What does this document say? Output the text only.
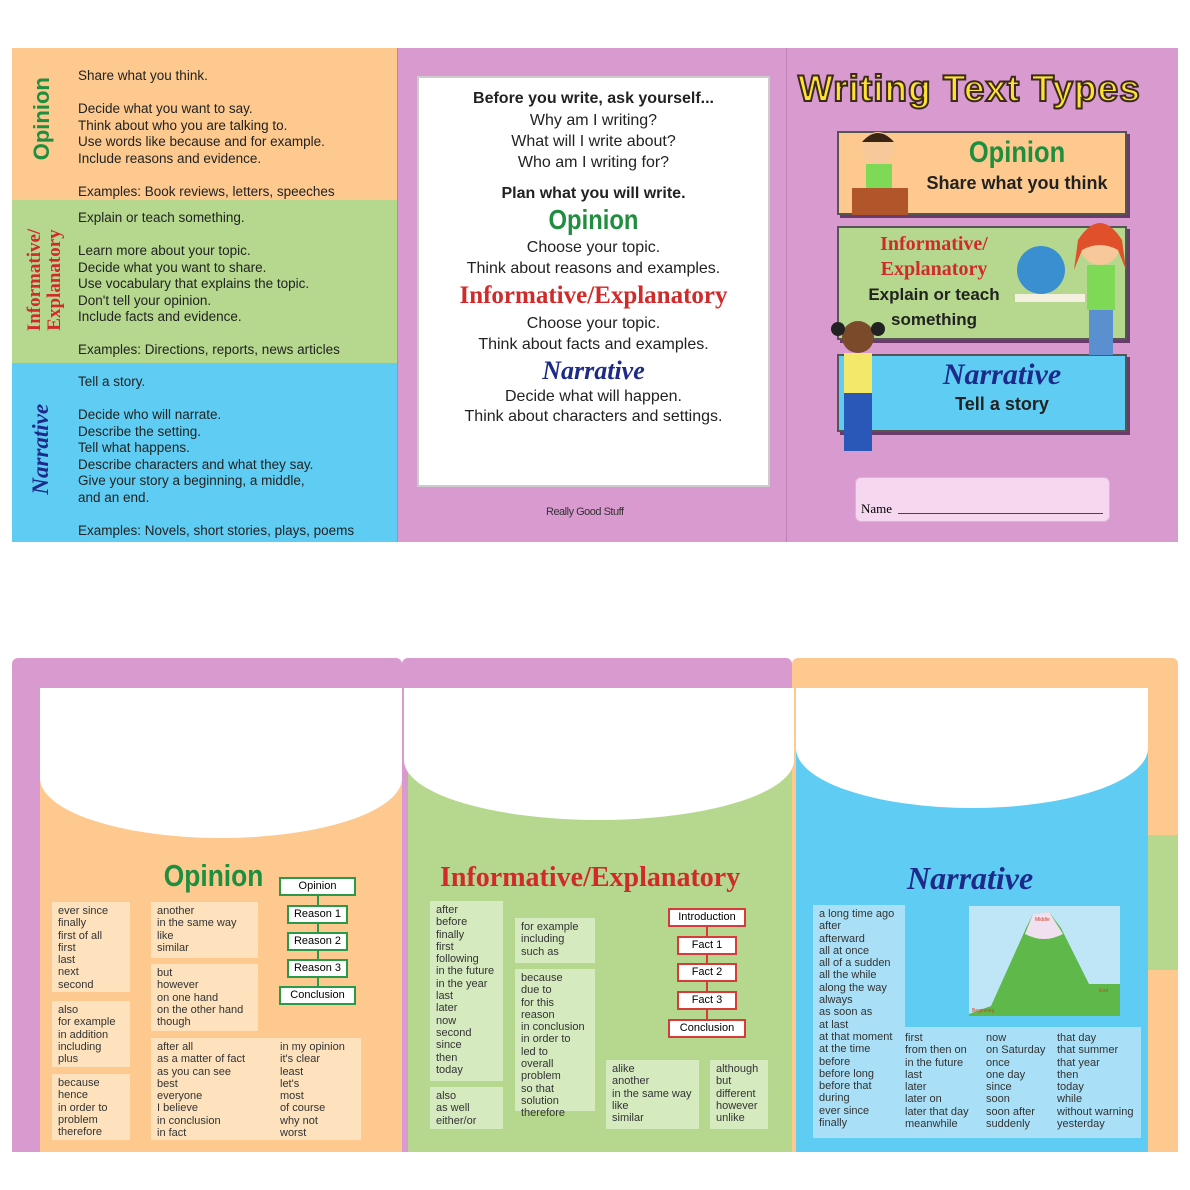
Opinion
Share what you think.

Decide what you want to say.
Think about who you are talking to.
Use words like because and for example.
Include reasons and evidence.

Examples: Book reviews, letters, speeches
Informative/
Explanatory
Explain or teach something.

Learn more about your topic.
Decide what you want to share.
Use vocabulary that explains the topic.
Don't tell your opinion.
Include facts and evidence.

Examples: Directions, reports, news articles
Narrative
Tell a story.

Decide who will narrate.
Describe the setting.
Tell what happens.
Describe characters and what they say.
Give your story a beginning, a middle,
and an end.

Examples: Novels, short stories, plays, poems
Before you write, ask yourself...
Why am I writing?
What will I write about?
Who am I writing for?
Plan what you will write.
Opinion
Choose your topic.
Think about reasons and examples.
Informative/Explanatory
Choose your topic.
Think about facts and examples.
Narrative
Decide what will happen.
Think about characters and settings.
Really Good Stuff
Writing Text Types
Opinion
Share what you think
Informative/
Explanatory
Explain or teach
something
Narrative
Tell a story
Name
Opinion
ever since
finally
first of all
first
last
next
second
also
for example
in addition
including
plus
because
hence
in order to
problem
therefore
another
in the same way
like
similar
but
however
on one hand
on the other hand
though
after all
as a matter of fact
as you can see
best
everyone
I believe
in conclusion
in fact
in my opinion
it's clear
least
let's
most
of course
why not
worst
Opinion
Reason 1
Reason 2
Reason 3
Conclusion
Informative/Explanatory
after
before
finally
first
following
in the future
in the year
last
later
now
second
since
then
today
also
as well
either/or
for example
including
such as
because
due to
for this reason
in conclusion
in order to
led to
overall
problem
so that
solution
therefore
alike
another
in the same way
like
similar
although
but
different
however
unlike
Introduction
Fact 1
Fact 2
Fact 3
Conclusion
Narrative
a long time ago
after
afterward
all at once
all of a sudden
all the while
along the way
always
as soon as
at last
at that moment
at the time
before
before long
before that
during
ever since
finally
first
from then on
in the future
last
later
later on
later that day
meanwhile
now
on Saturday
once
one day
since
soon
soon after
suddenly
that day
that summer
that year
then
today
while
without warning
yesterday
Beginning
Middle
End
